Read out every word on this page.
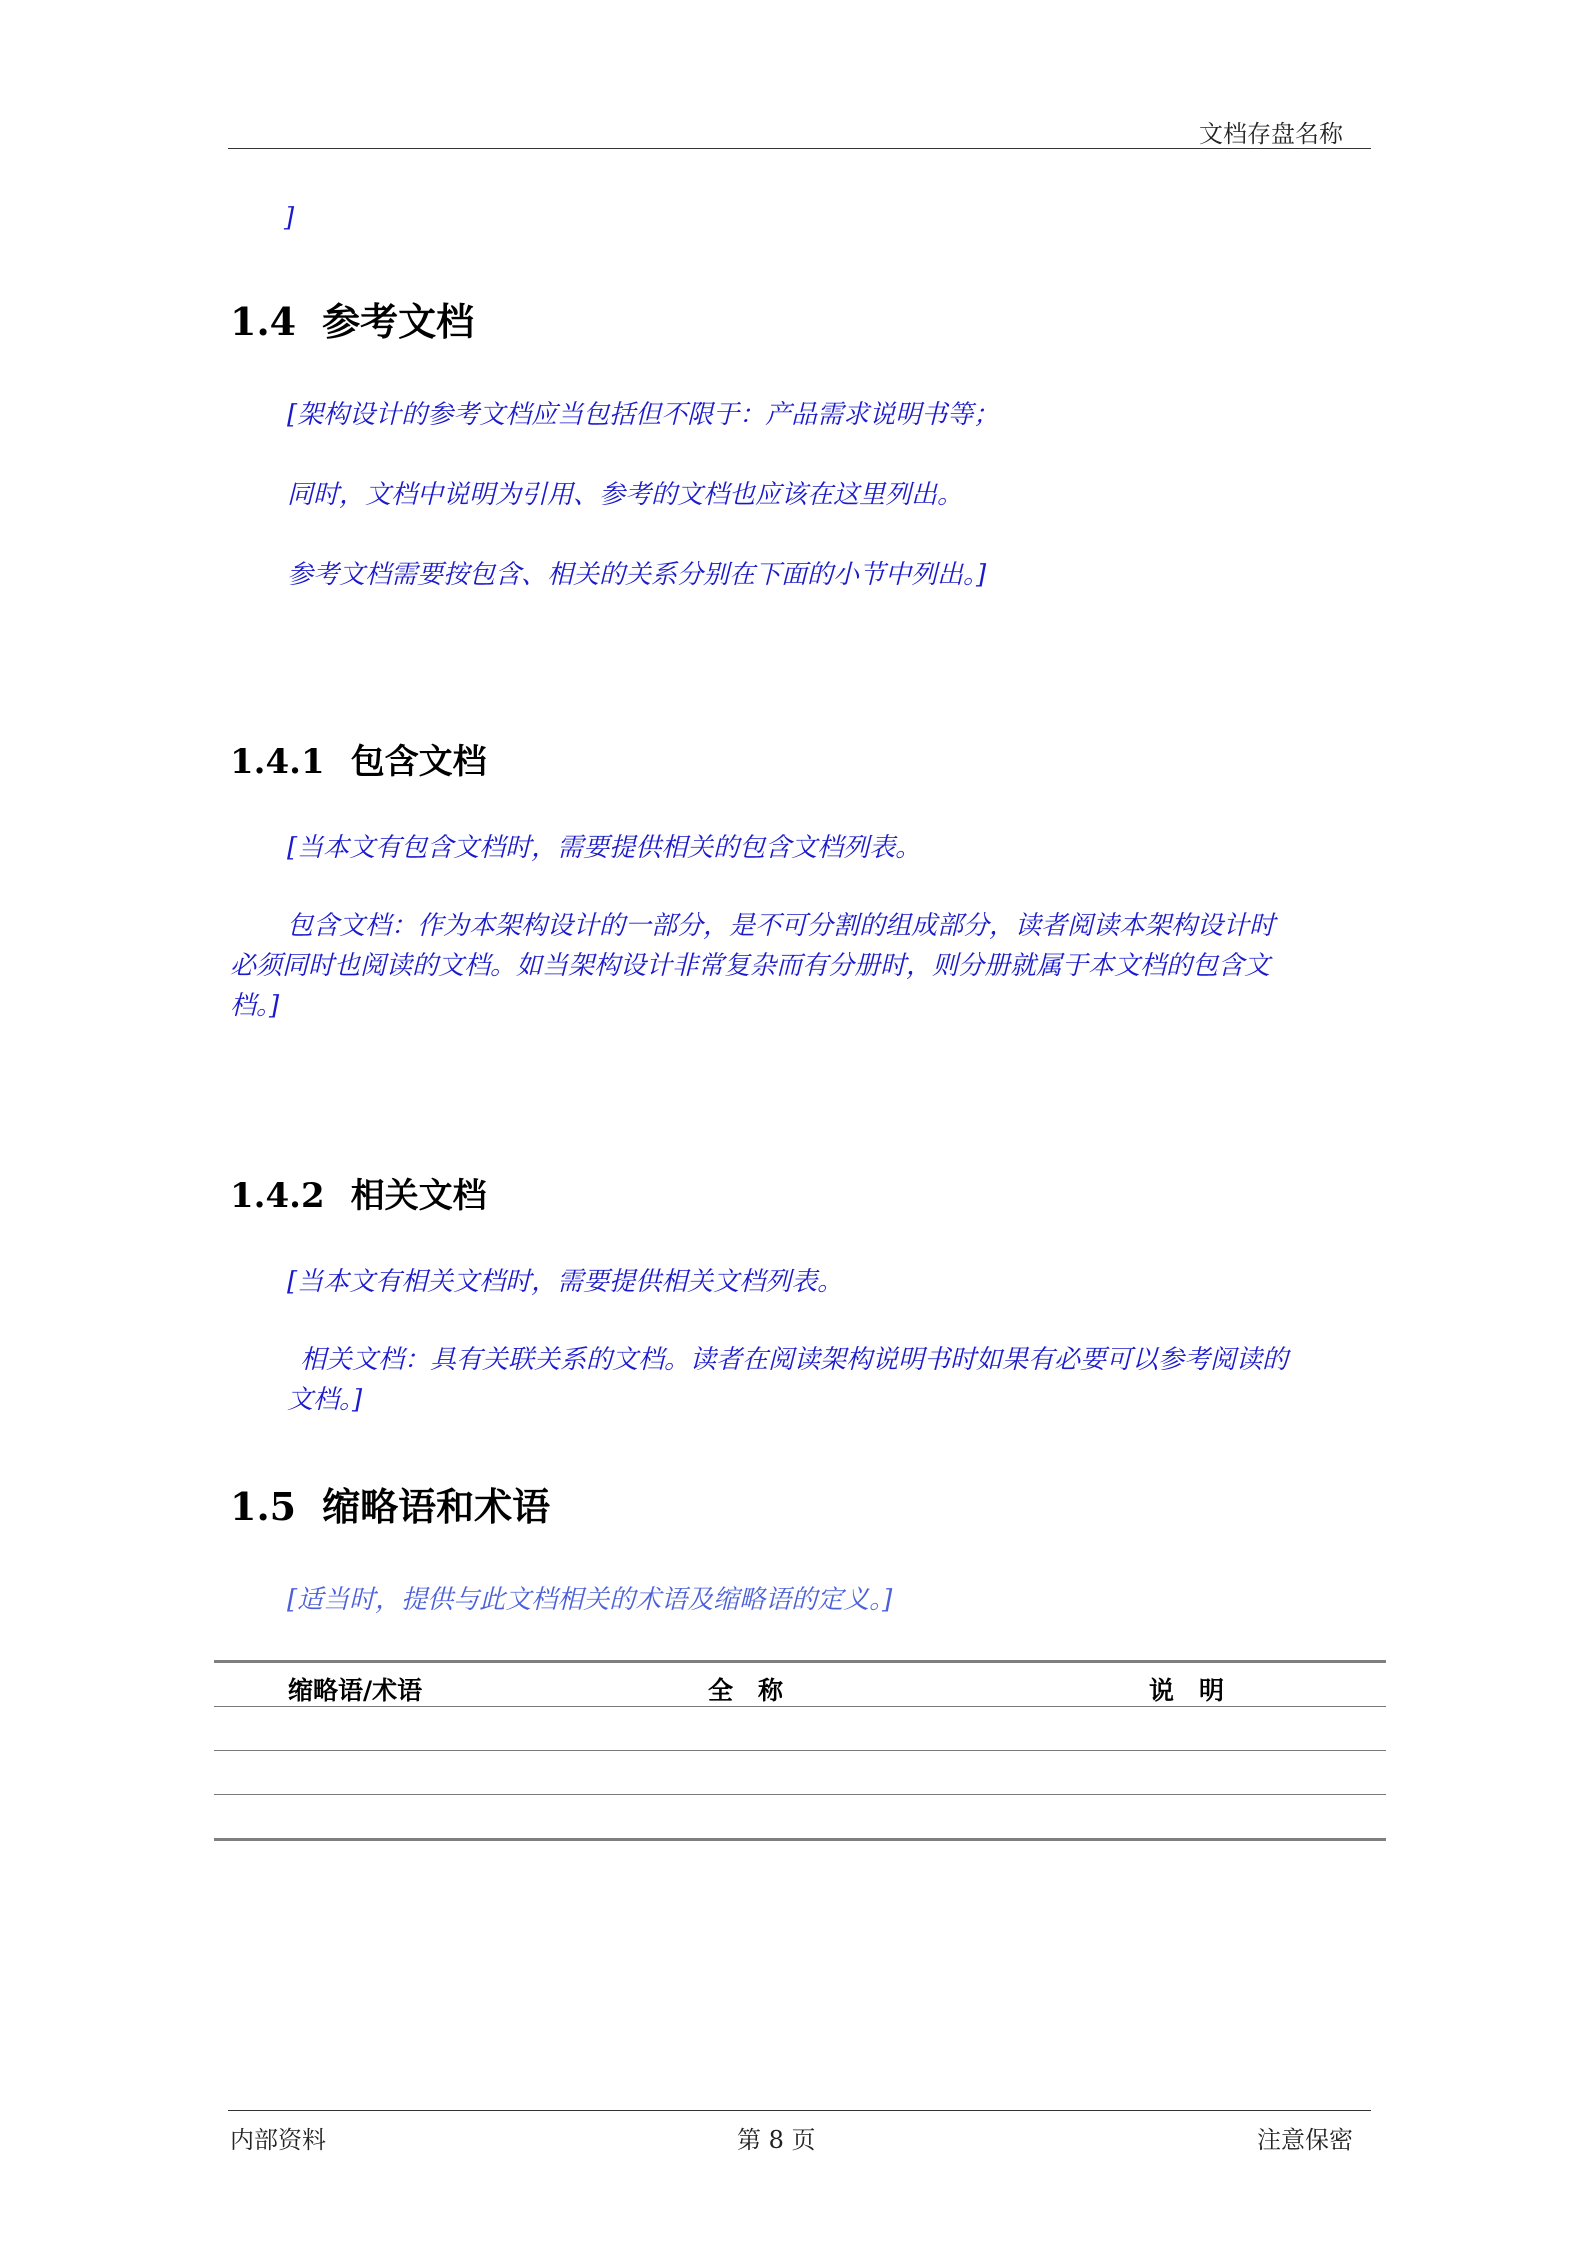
文档存盘名称
]
1.4 参考文档
[架构设计的参考文档应当包括但不限于：产品需求说明书等；
同时，文档中说明为引用、参考的文档也应该在这里列出。
参考文档需要按包含、相关的关系分别在下面的小节中列出。]
1.4.1 包含文档
[当本文有包含文档时，需要提供相关的包含文档列表。
包含文档：作为本架构设计的一部分，是不可分割的组成部分，读者阅读本架构设计时
必须同时也阅读的文档。如当架构设计非常复杂而有分册时，则分册就属于本文档的包含文
档。]
1.4.2 相关文档
[当本文有相关文档时，需要提供相关文档列表。
相关文档：具有关联关系的文档。读者在阅读架构说明书时如果有必要可以参考阅读的
文档。]
1.5 缩略语和术语
[适当时，提供与此文档相关的术语及缩略语的定义。]
缩略语/术语	全　称	说　明
内部资料	第 8 页	注意保密
